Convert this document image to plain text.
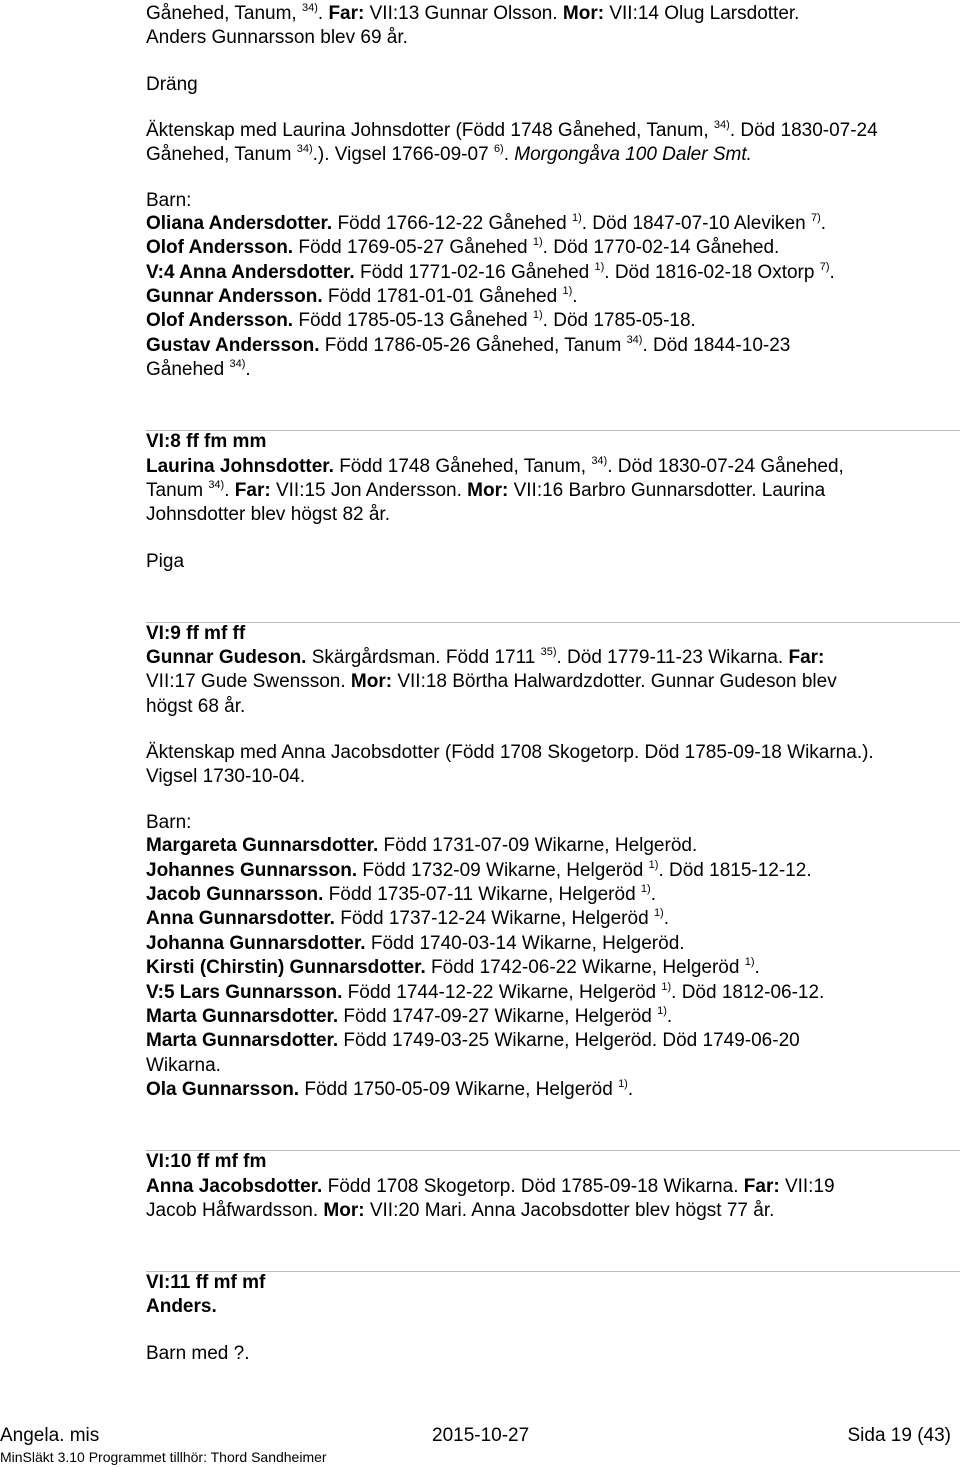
Gånehed, Tanum, $^{34)}$. Far: VII:13 Gunnar Olsson. Mor: VII:14 Olug Larsdotter.
Anders Gunnarsson blev 69 år.
Dräng
Äktenskap med Laurina Johnsdotter (Född 1748 Gånehed, Tanum, $^{34)}$. Död 1830-07-24
Gånehed, Tanum $^{34)}$.). Vigsel 1766-09-07 $^{6)}$. Morgongåva 100 Daler Smt.
Barn:
Oliana Andersdotter. Född 1766-12-22 Gånehed $^{1)}$. Död 1847-07-10 Aleviken $^{7)}$.
Olof Andersson. Född 1769-05-27 Gånehed $^{1)}$. Död 1770-02-14 Gånehed.
V:4 Anna Andersdotter. Född 1771-02-16 Gånehed $^{1)}$. Död 1816-02-18 Oxtorp $^{7)}$.
Gunnar Andersson. Född 1781-01-01 Gånehed $^{1)}$.
Olof Andersson. Född 1785-05-13 Gånehed $^{1)}$. Död 1785-05-18.
Gustav Andersson. Född 1786-05-26 Gånehed, Tanum $^{34)}$. Död 1844-10-23
Gånehed $^{34)}$.
VI:8 ff fm mm
Laurina Johnsdotter. Född 1748 Gånehed, Tanum, $^{34)}$. Död 1830-07-24 Gånehed,
Tanum $^{34)}$. Far: VII:15 Jon Andersson. Mor: VII:16 Barbro Gunnarsdotter. Laurina
Johnsdotter blev högst 82 år.
Piga
VI:9 ff mf ff
Gunnar Gudeson. Skärgårdsman. Född 1711 $^{35)}$. Död 1779-11-23 Wikarna. Far:
VII:17 Gude Swensson. Mor: VII:18 Börtha Halwardzdotter. Gunnar Gudeson blev
högst 68 år.
Äktenskap med Anna Jacobsdotter (Född 1708 Skogetorp. Död 1785-09-18 Wikarna.).
Vigsel 1730-10-04.
Barn:
Margareta Gunnarsdotter. Född 1731-07-09 Wikarne, Helgeröd.
Johannes Gunnarsson. Född 1732-09 Wikarne, Helgeröd $^{1)}$. Död 1815-12-12.
Jacob Gunnarsson. Född 1735-07-11 Wikarne, Helgeröd $^{1)}$.
Anna Gunnarsdotter. Född 1737-12-24 Wikarne, Helgeröd $^{1)}$.
Johanna Gunnarsdotter. Född 1740-03-14 Wikarne, Helgeröd.
Kirsti (Chirstin) Gunnarsdotter. Född 1742-06-22 Wikarne, Helgeröd $^{1)}$.
V:5 Lars Gunnarsson. Född 1744-12-22 Wikarne, Helgeröd $^{1)}$. Död 1812-06-12.
Marta Gunnarsdotter. Född 1747-09-27 Wikarne, Helgeröd $^{1)}$.
Marta Gunnarsdotter. Född 1749-03-25 Wikarne, Helgeröd. Död 1749-06-20
Wikarna.
Ola Gunnarsson. Född 1750-05-09 Wikarne, Helgeröd $^{1)}$.
VI:10 ff mf fm
Anna Jacobsdotter. Född 1708 Skogetorp. Död 1785-09-18 Wikarna. Far: VII:19
Jacob Håfwardsson. Mor: VII:20 Mari. Anna Jacobsdotter blev högst 77 år.
VI:11 ff mf mf
Anders.
Barn med ?.
Angela. mis	2015-10-27	Sida 19 (43)
MinSläkt 3.10 Programmet tillhör: Thord Sandheimer
